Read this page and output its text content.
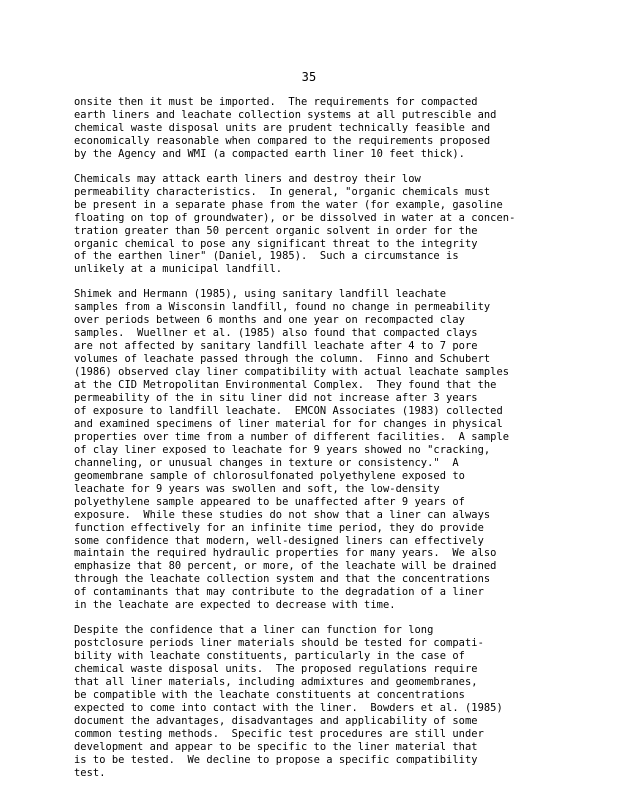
35
onsite then it must be imported.  The requirements for compacted
earth liners and leachate collection systems at all putrescible and
chemical waste disposal units are prudent technically feasible and
economically reasonable when compared to the requirements proposed
by the Agency and WMI (a compacted earth liner 10 feet thick).
Chemicals may attack earth liners and destroy their low
permeability characteristics.  In general, "organic chemicals must
be present in a separate phase from the water (for example, gasoline
floating on top of groundwater), or be dissolved in water at a concen-
tration greater than 50 percent organic solvent in order for the
organic chemical to pose any significant threat to the integrity
of the earthen liner" (Daniel, 1985).  Such a circumstance is
unlikely at a municipal landfill.
Shimek and Hermann (1985), using sanitary landfill leachate
samples from a Wisconsin landfill, found no change in permeability
over periods between 6 months and one year on recompacted clay
samples.  Wuellner et al. (1985) also found that compacted clays
are not affected by sanitary landfill leachate after 4 to 7 pore
volumes of leachate passed through the column.  Finno and Schubert
(1986) observed clay liner compatibility with actual leachate samples
at the CID Metropolitan Environmental Complex.  They found that the
permeability of the in situ liner did not increase after 3 years
of exposure to landfill leachate.  EMCON Associates (1983) collected
and examined specimens of liner material for for changes in physical
properties over time from a number of different facilities.  A sample
of clay liner exposed to leachate for 9 years showed no "cracking,
channeling, or unusual changes in texture or consistency."  A
geomembrane sample of chlorosulfonated polyethylene exposed to
leachate for 9 years was swollen and soft, the low-density
polyethylene sample appeared to be unaffected after 9 years of
exposure.  While these studies do not show that a liner can always
function effectively for an infinite time period, they do provide
some confidence that modern, well-designed liners can effectively
maintain the required hydraulic properties for many years.  We also
emphasize that 80 percent, or more, of the leachate will be drained
through the leachate collection system and that the concentrations
of contaminants that may contribute to the degradation of a liner
in the leachate are expected to decrease with time.
Despite the confidence that a liner can function for long
postclosure periods liner materials should be tested for compati-
bility with leachate constituents, particularly in the case of
chemical waste disposal units.  The proposed regulations require
that all liner materials, including admixtures and geomembranes,
be compatible with the leachate constituents at concentrations
expected to come into contact with the liner.  Bowders et al. (1985)
document the advantages, disadvantages and applicability of some
common testing methods.  Specific test procedures are still under
development and appear to be specific to the liner material that
is to be tested.  We decline to propose a specific compatibility
test.
